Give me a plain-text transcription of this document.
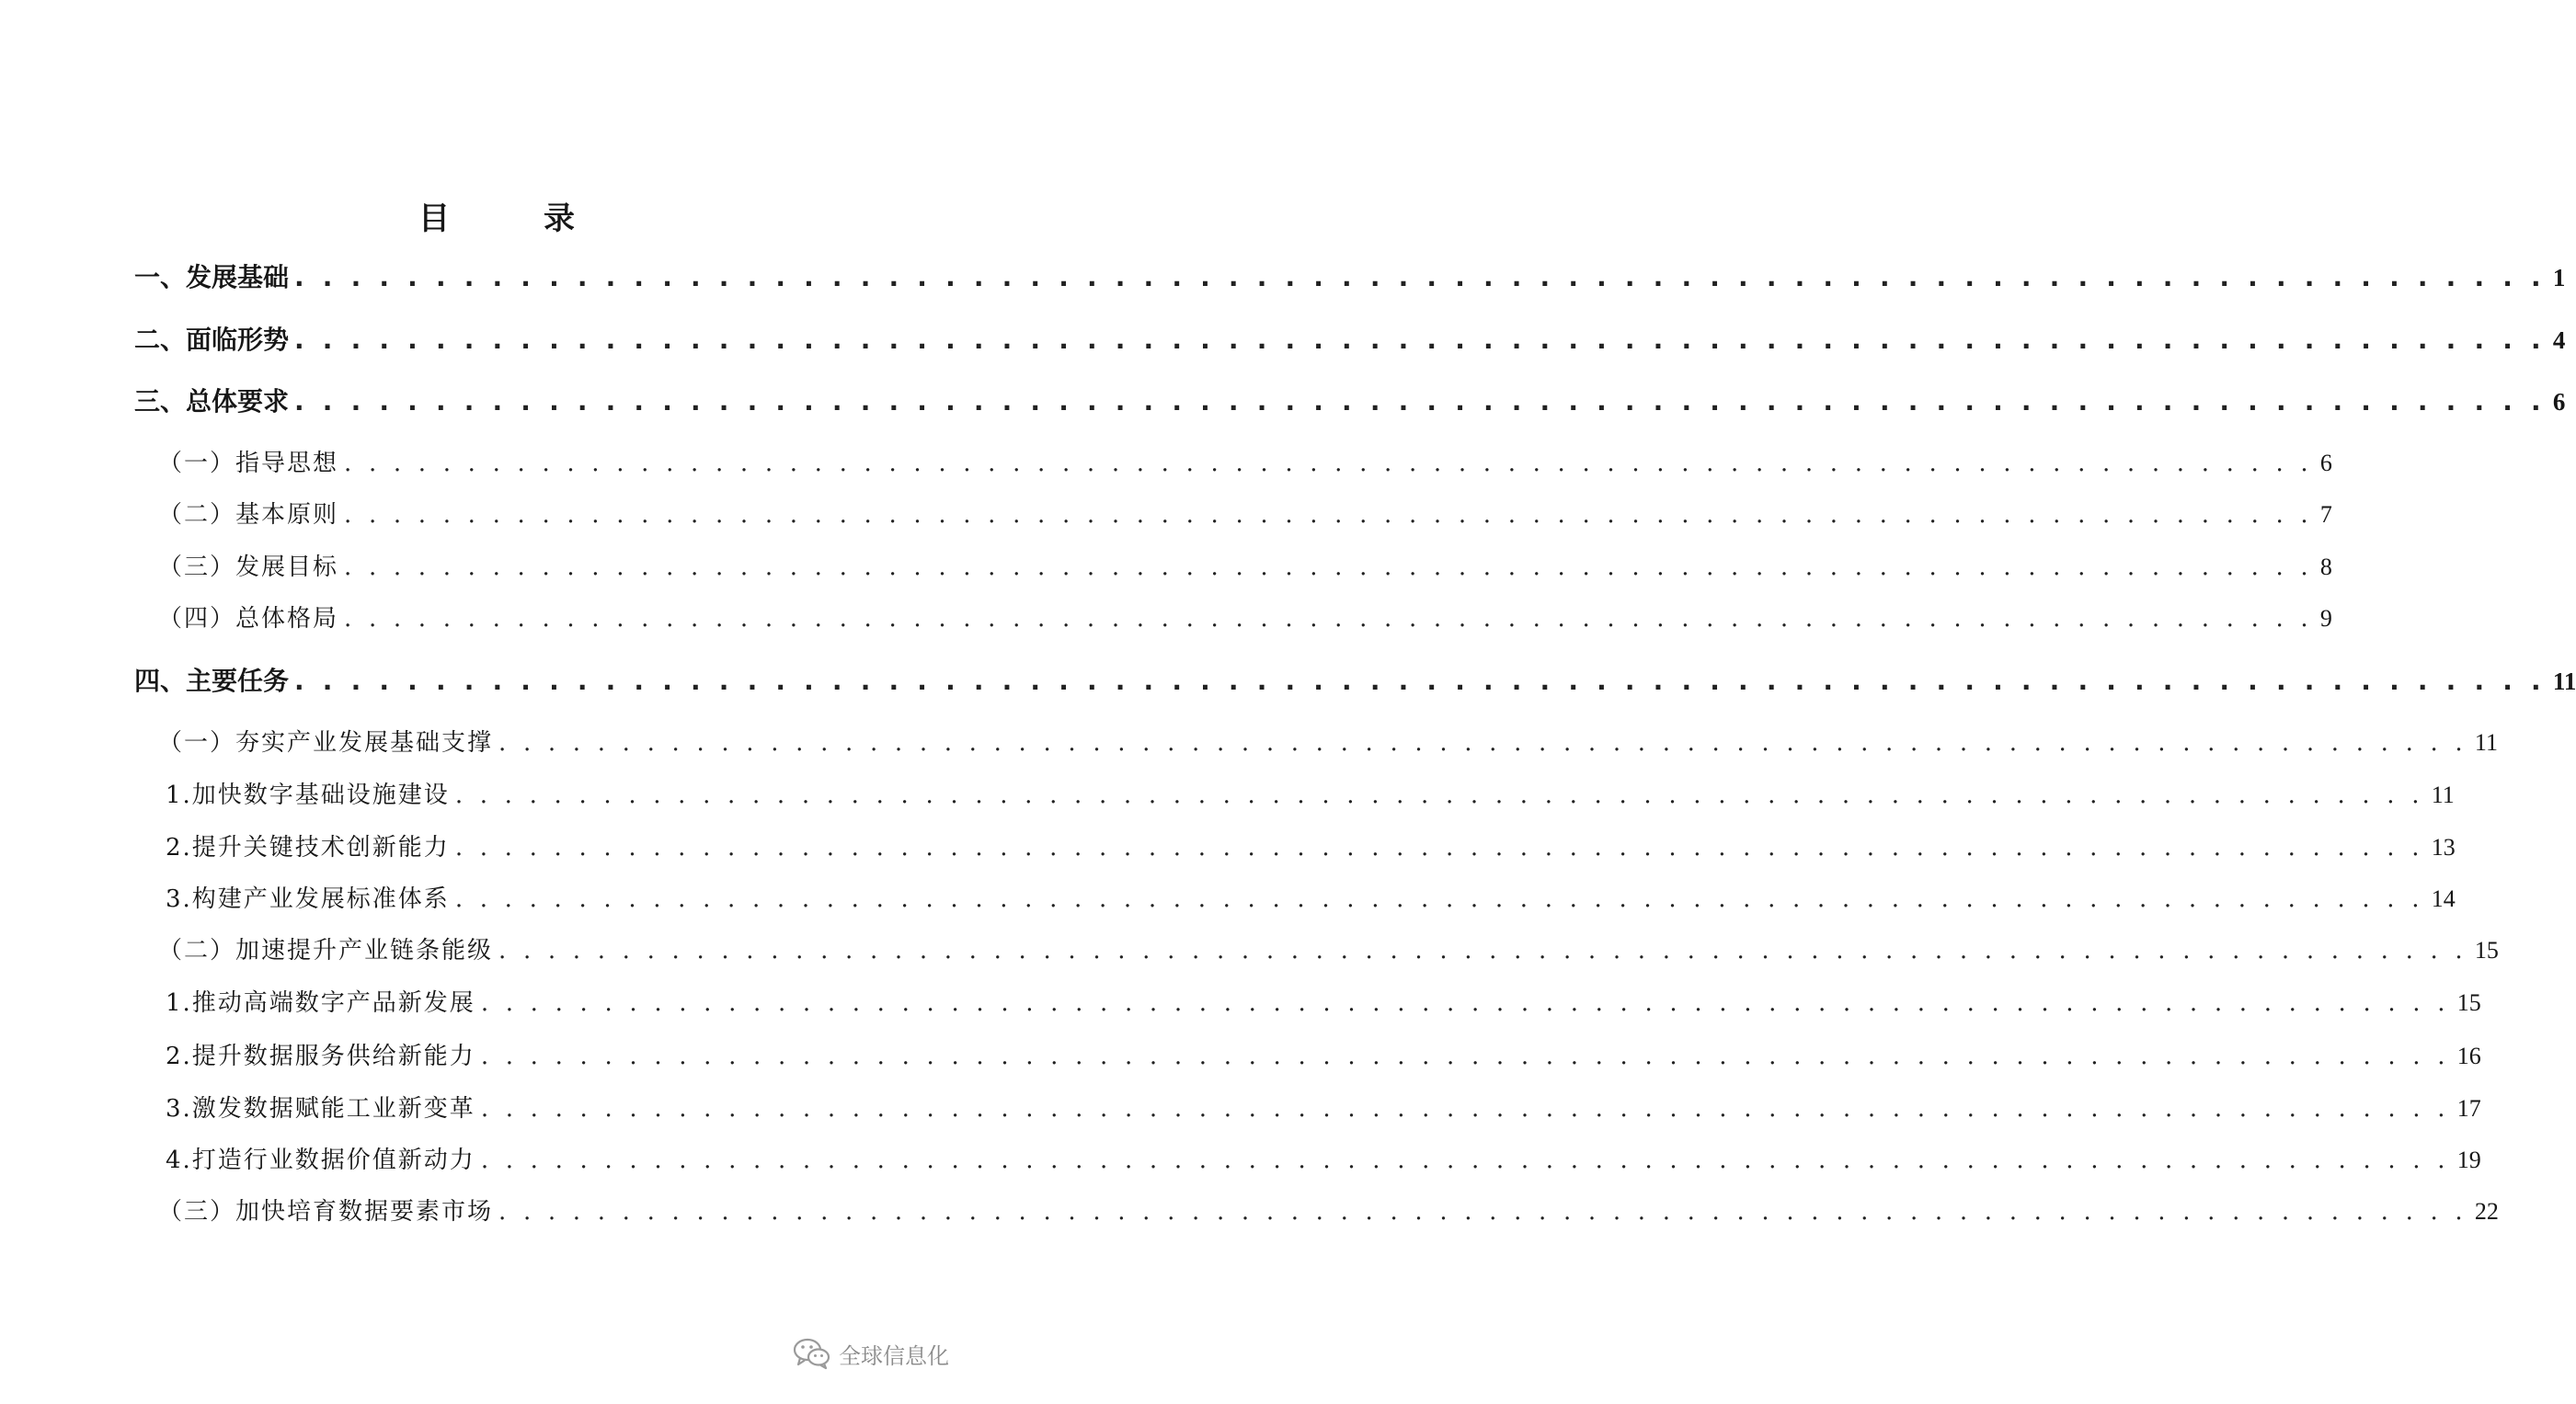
目　录
一、发展基础 . . . . . . . . . . . . . . . . . . . . . . . . . . . . . . . . . . . . . . . . . . . . . . . . . . . . . . . . . . . . . . . . . . . . . . . . . . . . . . . . 1
二、面临形势 . . . . . . . . . . . . . . . . . . . . . . . . . . . . . . . . . . . . . . . . . . . . . . . . . . . . . . . . . . . . . . . . . . . . . . . . . . . . . . . . 4
三、总体要求 . . . . . . . . . . . . . . . . . . . . . . . . . . . . . . . . . . . . . . . . . . . . . . . . . . . . . . . . . . . . . . . . . . . . . . . . . . . . . . . . 6
（一）指导思想 . . . . . . . . . . . . . . . . . . . . . . . . . . . . . . . . . . . . . . . . . . . . . . . . . . . . . . . . . . . . . . . . . . . . . . . . . . . . . . . . 6
（二）基本原则 . . . . . . . . . . . . . . . . . . . . . . . . . . . . . . . . . . . . . . . . . . . . . . . . . . . . . . . . . . . . . . . . . . . . . . . . . . . . . . . . 7
（三）发展目标 . . . . . . . . . . . . . . . . . . . . . . . . . . . . . . . . . . . . . . . . . . . . . . . . . . . . . . . . . . . . . . . . . . . . . . . . . . . . . . . . 8
（四）总体格局 . . . . . . . . . . . . . . . . . . . . . . . . . . . . . . . . . . . . . . . . . . . . . . . . . . . . . . . . . . . . . . . . . . . . . . . . . . . . . . . . 9
四、主要任务 . . . . . . . . . . . . . . . . . . . . . . . . . . . . . . . . . . . . . . . . . . . . . . . . . . . . . . . . . . . . . . . . . . . . . . . . . . . . . . . . 11
（一）夯实产业发展基础支撑 . . . . . . . . . . . . . . . . . . . . . . . . . . . . . . . . . . . . . . . . . . . . . . . . . . . . . . . . . . . . . . . . . . . . . . . . . . . . . . . . 11
1.加快数字基础设施建设 . . . . . . . . . . . . . . . . . . . . . . . . . . . . . . . . . . . . . . . . . . . . . . . . . . . . . . . . . . . . . . . . . . . . . . . . . . . . . . . . 11
2.提升关键技术创新能力 . . . . . . . . . . . . . . . . . . . . . . . . . . . . . . . . . . . . . . . . . . . . . . . . . . . . . . . . . . . . . . . . . . . . . . . . . . . . . . . . 13
3.构建产业发展标准体系 . . . . . . . . . . . . . . . . . . . . . . . . . . . . . . . . . . . . . . . . . . . . . . . . . . . . . . . . . . . . . . . . . . . . . . . . . . . . . . . . 14
（二）加速提升产业链条能级 . . . . . . . . . . . . . . . . . . . . . . . . . . . . . . . . . . . . . . . . . . . . . . . . . . . . . . . . . . . . . . . . . . . . . . . . . . . . . . . . 15
1.推动高端数字产品新发展 . . . . . . . . . . . . . . . . . . . . . . . . . . . . . . . . . . . . . . . . . . . . . . . . . . . . . . . . . . . . . . . . . . . . . . . . . . . . . . . . 15
2.提升数据服务供给新能力 . . . . . . . . . . . . . . . . . . . . . . . . . . . . . . . . . . . . . . . . . . . . . . . . . . . . . . . . . . . . . . . . . . . . . . . . . . . . . . . . 16
3.激发数据赋能工业新变革 . . . . . . . . . . . . . . . . . . . . . . . . . . . . . . . . . . . . . . . . . . . . . . . . . . . . . . . . . . . . . . . . . . . . . . . . . . . . . . . . 17
4.打造行业数据价值新动力 . . . . . . . . . . . . . . . . . . . . . . . . . . . . . . . . . . . . . . . . . . . . . . . . . . . . . . . . . . . . . . . . . . . . . . . . . . . . . . . . 19
（三）加快培育数据要素市场 . . . . . . . . . . . . . . . . . . . . . . . . . . . . . . . . . . . . . . . . . . . . . . . . . . . . . . . . . . . . . . . . . . . . . . . . . . . . . . . . 22
全球信息化
